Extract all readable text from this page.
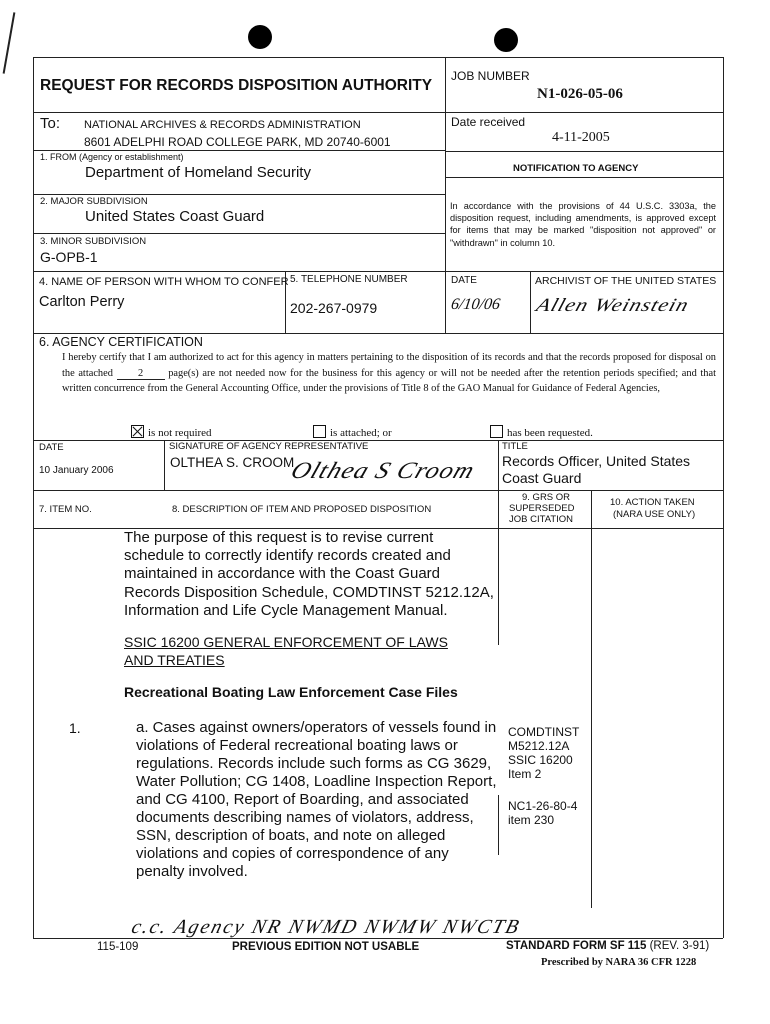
REQUEST FOR RECORDS DISPOSITION AUTHORITY
JOB NUMBER
N1-026-05-06
To: NATIONAL ARCHIVES & RECORDS ADMINISTRATION
8601 ADELPHI ROAD COLLEGE PARK, MD 20740-6001
Date received
4-11-2005
1. FROM (Agency or establishment)
Department of Homeland Security	NOTIFICATION TO AGENCY
2. MAJOR SUBDIVISION
United States Coast Guard
In accordance with the provisions of 44 U.S.C. 3303a, the disposition request, including amendments, is approved except for items that may be marked "disposition not approved" or "withdrawn" in column 10.
3. MINOR SUBDIVISION
G-OPB-1
4. NAME OF PERSON WITH WHOM TO CONFER
Carlton Perry
5. TELEPHONE NUMBER
202-267-0979
DATE
6/10/06
ARCHIVIST OF THE UNITED STATES
Allen Weinstein
6. AGENCY CERTIFICATION
I hereby certify that I am authorized to act for this agency in matters pertaining to the disposition of its records and that the records proposed for disposal on the attached 2 page(s) are not needed now for the business for this agency or will not be needed after the retention periods specified; and that written concurrence from the General Accounting Office, under the provisions of Title 8 of the GAO Manual for Guidance of Federal Agencies,
is not required	is attached; or	has been requested.
DATE
10 January 2006
SIGNATURE OF AGENCY REPRESENTATIVE
OLTHEA S. CROOM
Olthea S Croom
TITLE
Records Officer, United States Coast Guard
7. ITEM NO.	8. DESCRIPTION OF ITEM AND PROPOSED DISPOSITION
9. GRS OR
SUPERSEDED
JOB CITATION
10. ACTION TAKEN
(NARA USE ONLY)
The purpose of this request is to revise current schedule to correctly identify records created and maintained in accordance with the Coast Guard Records Disposition Schedule, COMDTINST 5212.12A, Information and Life Cycle Management Manual.
SSIC 16200 GENERAL ENFORCEMENT OF LAWS AND TREATIES
Recreational Boating Law Enforcement Case Files
1.	a. Cases against owners/operators of vessels found in violations of Federal recreational boating laws or regulations. Records include such forms as CG 3629, Water Pollution; CG 1408, Loadline Inspection Report, and CG 4100, Report of Boarding, and associated documents describing names of violators, address, SSN, description of boats, and note on alleged violations and copies of correspondence of any penalty involved.
COMDTINST
M5212.12A
SSIC 16200
Item 2
NC1-26-80-4
item 230
c.c. Agency NR NWMD NWMW NWCTB
115-109	PREVIOUS EDITION NOT USABLE	STANDARD FORM SF 115 (REV. 3-91)
Prescribed by NARA 36 CFR 1228
